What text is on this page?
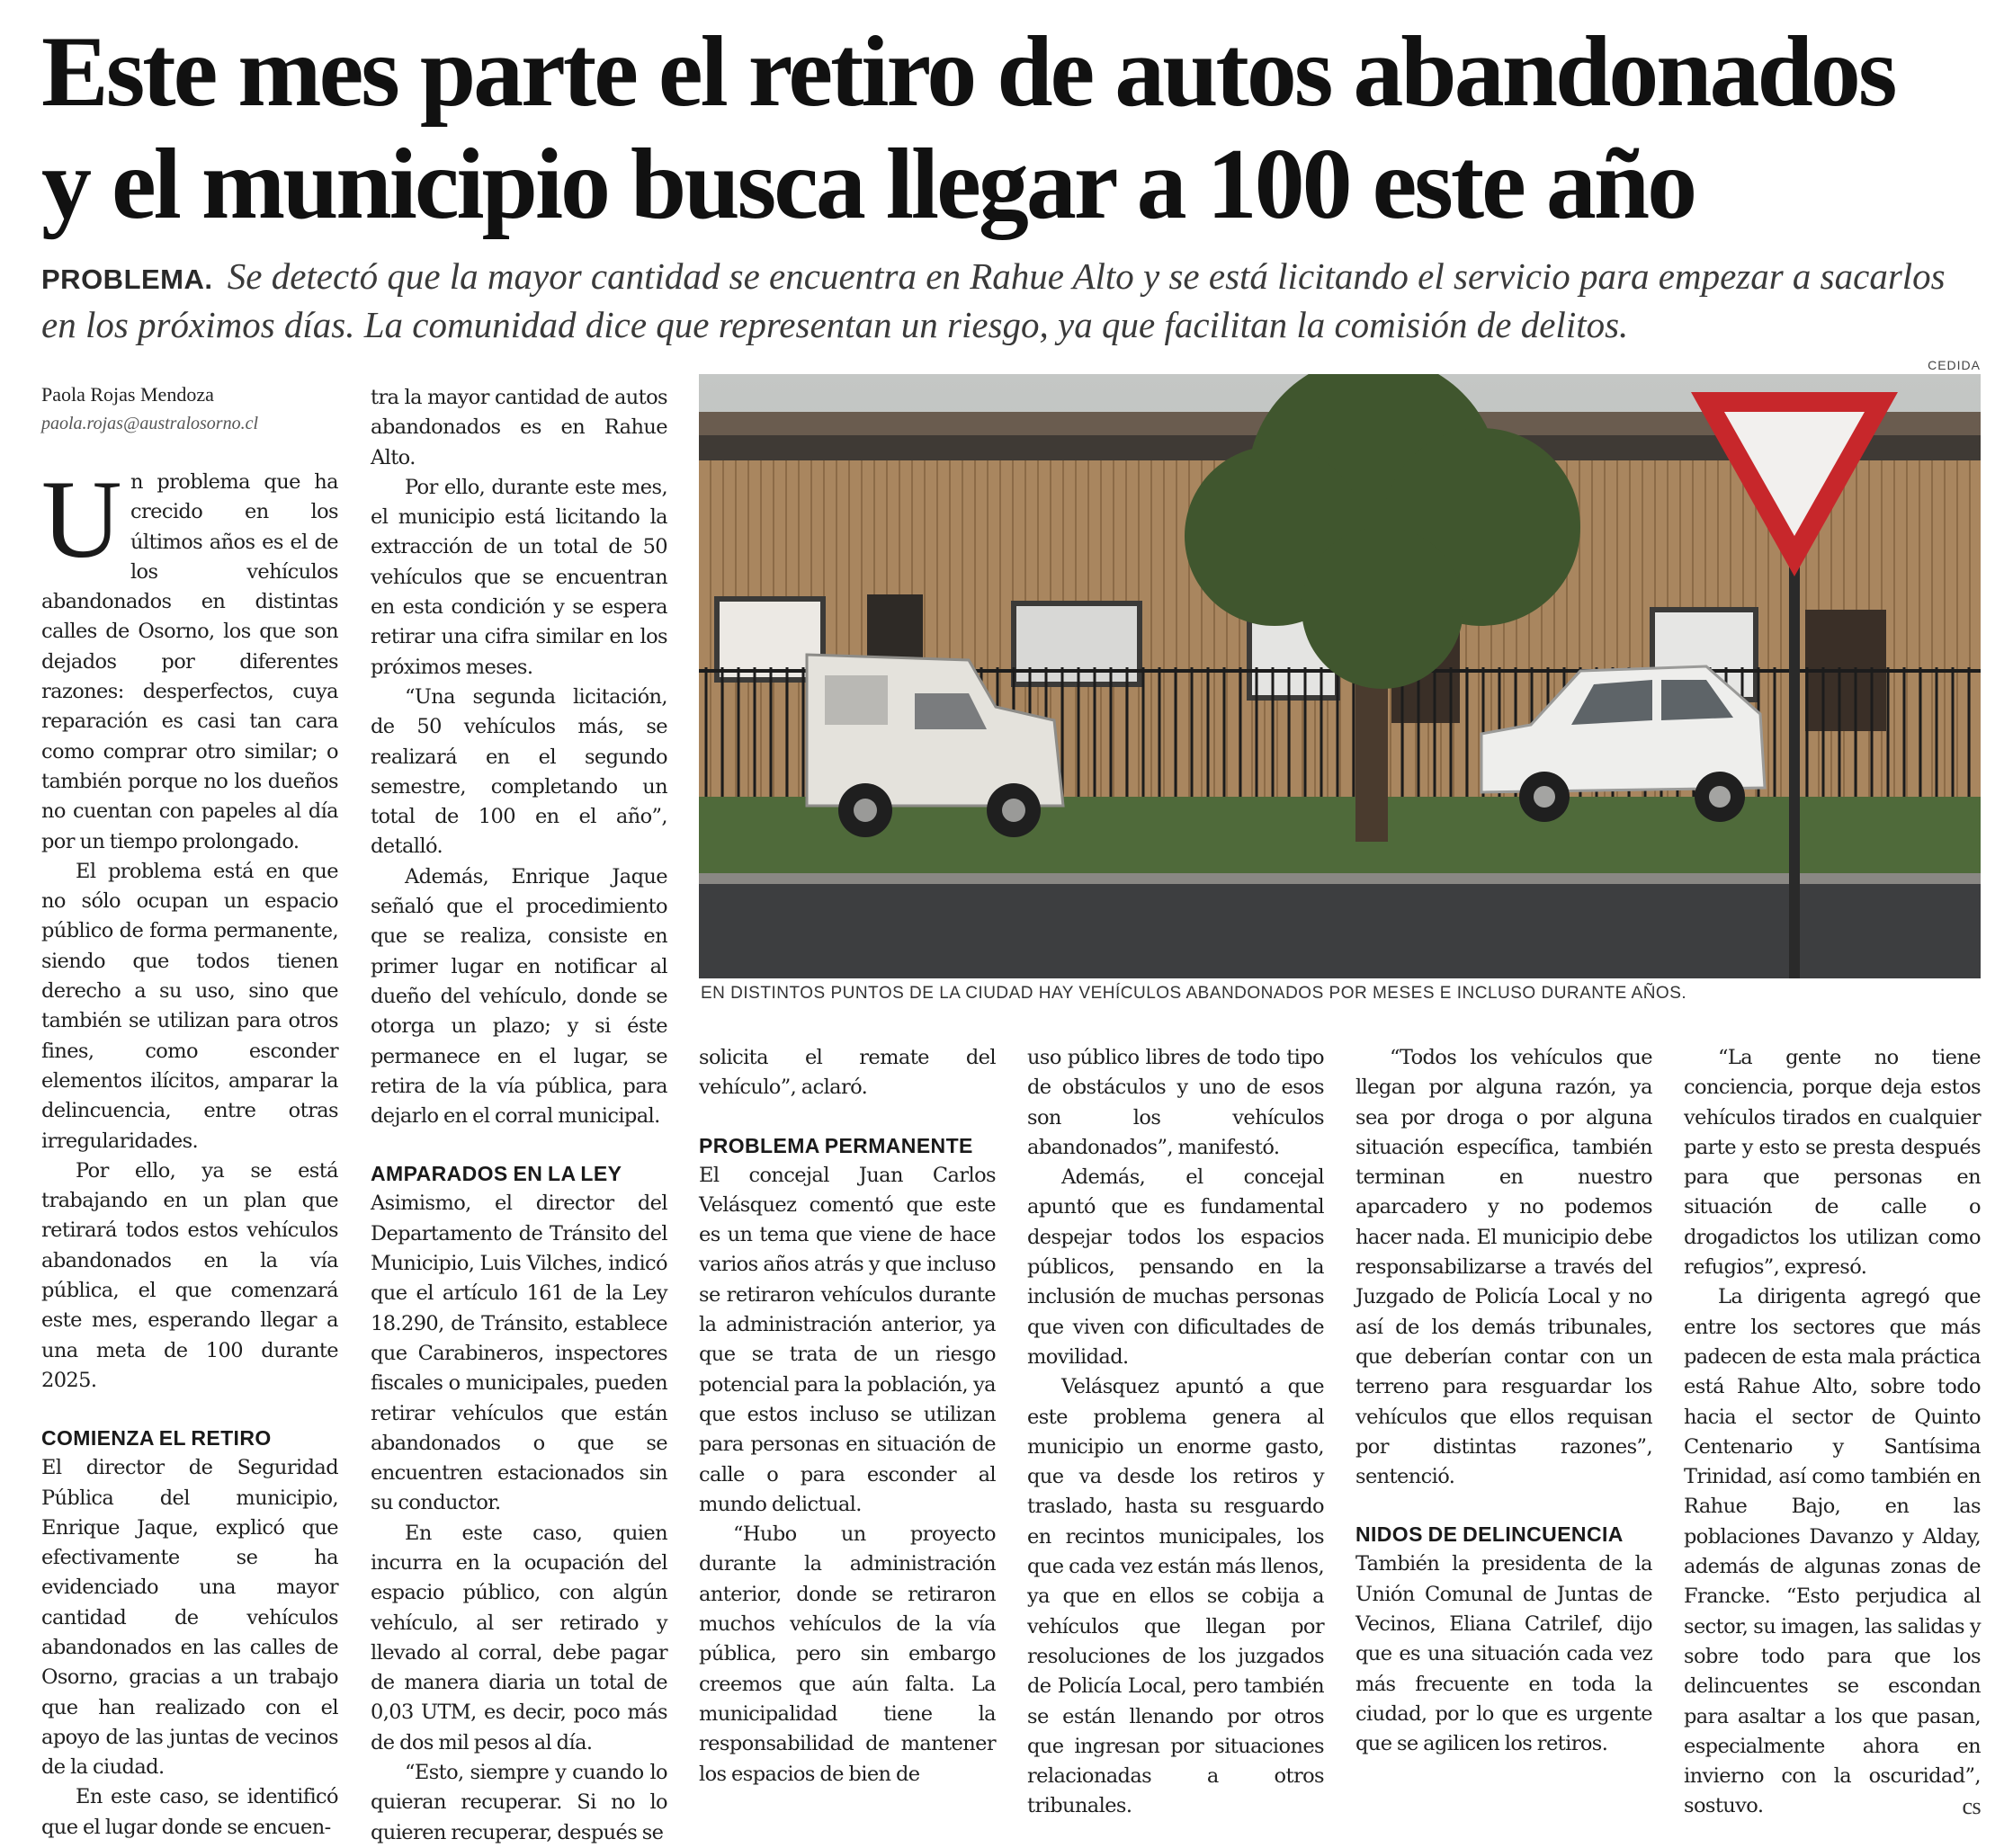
Este mes parte el retiro de autos abandonados
y el municipio busca llegar a 100 este año
PROBLEMA. Se detectó que la mayor cantidad se encuentra en Rahue Alto y se está licitando el servicio para empezar a sacarlos en los próximos días. La comunidad dice que representan un riesgo, ya que facilitan la comisión de delitos.
CEDIDA
EN DISTINTOS PUNTOS DE LA CIUDAD HAY VEHÍCULOS ABANDONADOS POR MESES E INCLUSO DURANTE AÑOS.
Paola Rojas Mendoza
paola.rojas@australosorno.cl

Un problema que ha crecido en los últimos años es el de los vehículos abandonados en distintas calles de Osorno, los que son dejados por diferentes razones: desperfectos, cuya reparación es casi tan cara como comprar otro similar; o también porque no los dueños no cuentan con papeles al día por un tiempo prolongado.

El problema está en que no sólo ocupan un espacio público de forma permanente, siendo que todos tienen derecho a su uso, sino que también se utilizan para otros fines, como esconder elementos ilícitos, amparar la delincuencia, entre otras irregularidades.

Por ello, ya se está trabajando en un plan que retirará todos estos vehículos abandonados en la vía pública, el que comenzará este mes, esperando llegar a una meta de 100 durante 2025.

COMIENZA EL RETIRO

El director de Seguridad Pública del municipio, Enrique Jaque, explicó que efectivamente se ha evidenciado una mayor cantidad de vehículos abandonados en las calles de Osorno, gracias a un trabajo que han realizado con el apoyo de las juntas de vecinos de la ciudad.

En este caso, se identificó que el lugar donde se encuen-

tra la mayor cantidad de autos abandonados es en Rahue Alto.

Por ello, durante este mes, el municipio está licitando la extracción de un total de 50 vehículos que se encuentran en esta condición y se espera retirar una cifra similar en los próximos meses.

“Una segunda licitación, de 50 vehículos más, se realizará en el segundo semestre, completando un total de 100 en el año”, detalló.

Además, Enrique Jaque señaló que el procedimiento que se realiza, consiste en primer lugar en notificar al dueño del vehículo, donde se otorga un plazo; y si éste permanece en el lugar, se retira de la vía pública, para dejarlo en el corral municipal.

AMPARADOS EN LA LEY

Asimismo, el director del Departamento de Tránsito del Municipio, Luis Vilches, indicó que el artículo 161 de la Ley 18.290, de Tránsito, establece que Carabineros, inspectores fiscales o municipales, pueden retirar vehículos que están abandonados o que se encuentren estacionados sin su conductor.

En este caso, quien incurra en la ocupación del espacio público, con algún vehículo, al ser retirado y llevado al corral, debe pagar de manera diaria un total de 0,03 UTM, es decir, poco más de dos mil pesos al día.

“Esto, siempre y cuando lo quieran recuperar. Si no lo quieren recuperar, después se

solicita el remate del vehículo”, aclaró.

PROBLEMA PERMANENTE

El concejal Juan Carlos Velásquez comentó que este es un tema que viene de hace varios años atrás y que incluso se retiraron vehículos durante la administración anterior, ya que se trata de un riesgo potencial para la población, ya que estos incluso se utilizan para personas en situación de calle o para esconder al mundo delictual.

“Hubo un proyecto durante la administración anterior, donde se retiraron muchos vehículos de la vía pública, pero sin embargo creemos que aún falta. La municipalidad tiene la responsabilidad de mantener los espacios de bien de

uso público libres de todo tipo de obstáculos y uno de esos son los vehículos abandonados”, manifestó.

Además, el concejal apuntó que es fundamental despejar todos los espacios públicos, pensando en la inclusión de muchas personas que viven con dificultades de movilidad.

Velásquez apuntó a que este problema genera al municipio un enorme gasto, que va desde los retiros y traslado, hasta su resguardo en recintos municipales, los que cada vez están más llenos, ya que en ellos se cobija a vehículos que llegan por resoluciones de los juzgados de Policía Local, pero también se están llenando por otros que ingresan por situaciones relacionadas a otros tribunales.

“Todos los vehículos que llegan por alguna razón, ya sea por droga o por alguna situación específica, también terminan en nuestro aparcadero y no podemos hacer nada. El municipio debe responsabilizarse a través del Juzgado de Policía Local y no así de los demás tribunales, que deberían contar con un terreno para resguardar los vehículos que ellos requisan por distintas razones”, sentenció.

NIDOS DE DELINCUENCIA

También la presidenta de la Unión Comunal de Juntas de Vecinos, Eliana Catrilef, dijo que es una situación cada vez más frecuente en toda la ciudad, por lo que es urgente que se agilicen los retiros.

“La gente no tiene conciencia, porque deja estos vehículos tirados en cualquier parte y esto se presta después para que personas en situación de calle o drogadictos los utilizan como refugios”, expresó.

La dirigenta agregó que entre los sectores que más padecen de esta mala práctica está Rahue Alto, sobre todo hacia el sector de Quinto Centenario y Santísima Trinidad, así como también en Rahue Bajo, en las poblaciones Davanzo y Alday, además de algunas zonas de Francke. “Esto perjudica al sector, su imagen, las salidas y sobre todo para que los delincuentes se escondan para asaltar a los que pasan, especialmente ahora en invierno con la oscuridad”, sostuvo.	cs
